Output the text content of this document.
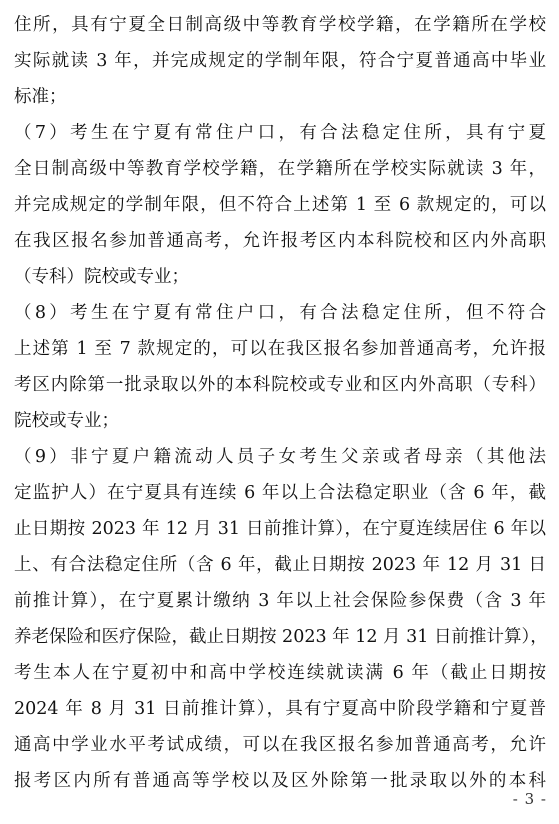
住所，具有宁夏全日制高级中等教育学校学籍，在学籍所在学校
实际就读 3 年，并完成规定的学制年限，符合宁夏普通高中毕业
标准；
（7）考生在宁夏有常住户口，有合法稳定住所，具有宁夏
全日制高级中等教育学校学籍，在学籍所在学校实际就读 3 年，
并完成规定的学制年限，但不符合上述第 1 至 6 款规定的，可以
在我区报名参加普通高考，允许报考区内本科院校和区内外高职
（专科）院校或专业；
（8）考生在宁夏有常住户口，有合法稳定住所，但不符合
上述第 1 至 7 款规定的，可以在我区报名参加普通高考，允许报
考区内除第一批录取以外的本科院校或专业和区内外高职（专科）
院校或专业；
（9）非宁夏户籍流动人员子女考生父亲或者母亲（其他法
定监护人）在宁夏具有连续 6 年以上合法稳定职业（含 6 年，截
止日期按 2023 年 12 月 31 日前推计算），在宁夏连续居住 6 年以
上、有合法稳定住所（含 6 年，截止日期按 2023 年 12 月 31 日
前推计算），在宁夏累计缴纳 3 年以上社会保险参保费（含 3 年
养老保险和医疗保险，截止日期按 2023 年 12 月 31 日前推计算），
考生本人在宁夏初中和高中学校连续就读满 6 年（截止日期按
2024 年 8 月 31 日前推计算），具有宁夏高中阶段学籍和宁夏普
通高中学业水平考试成绩，可以在我区报名参加普通高考，允许
报考区内所有普通高等学校以及区外除第一批录取以外的本科
- 3 -
